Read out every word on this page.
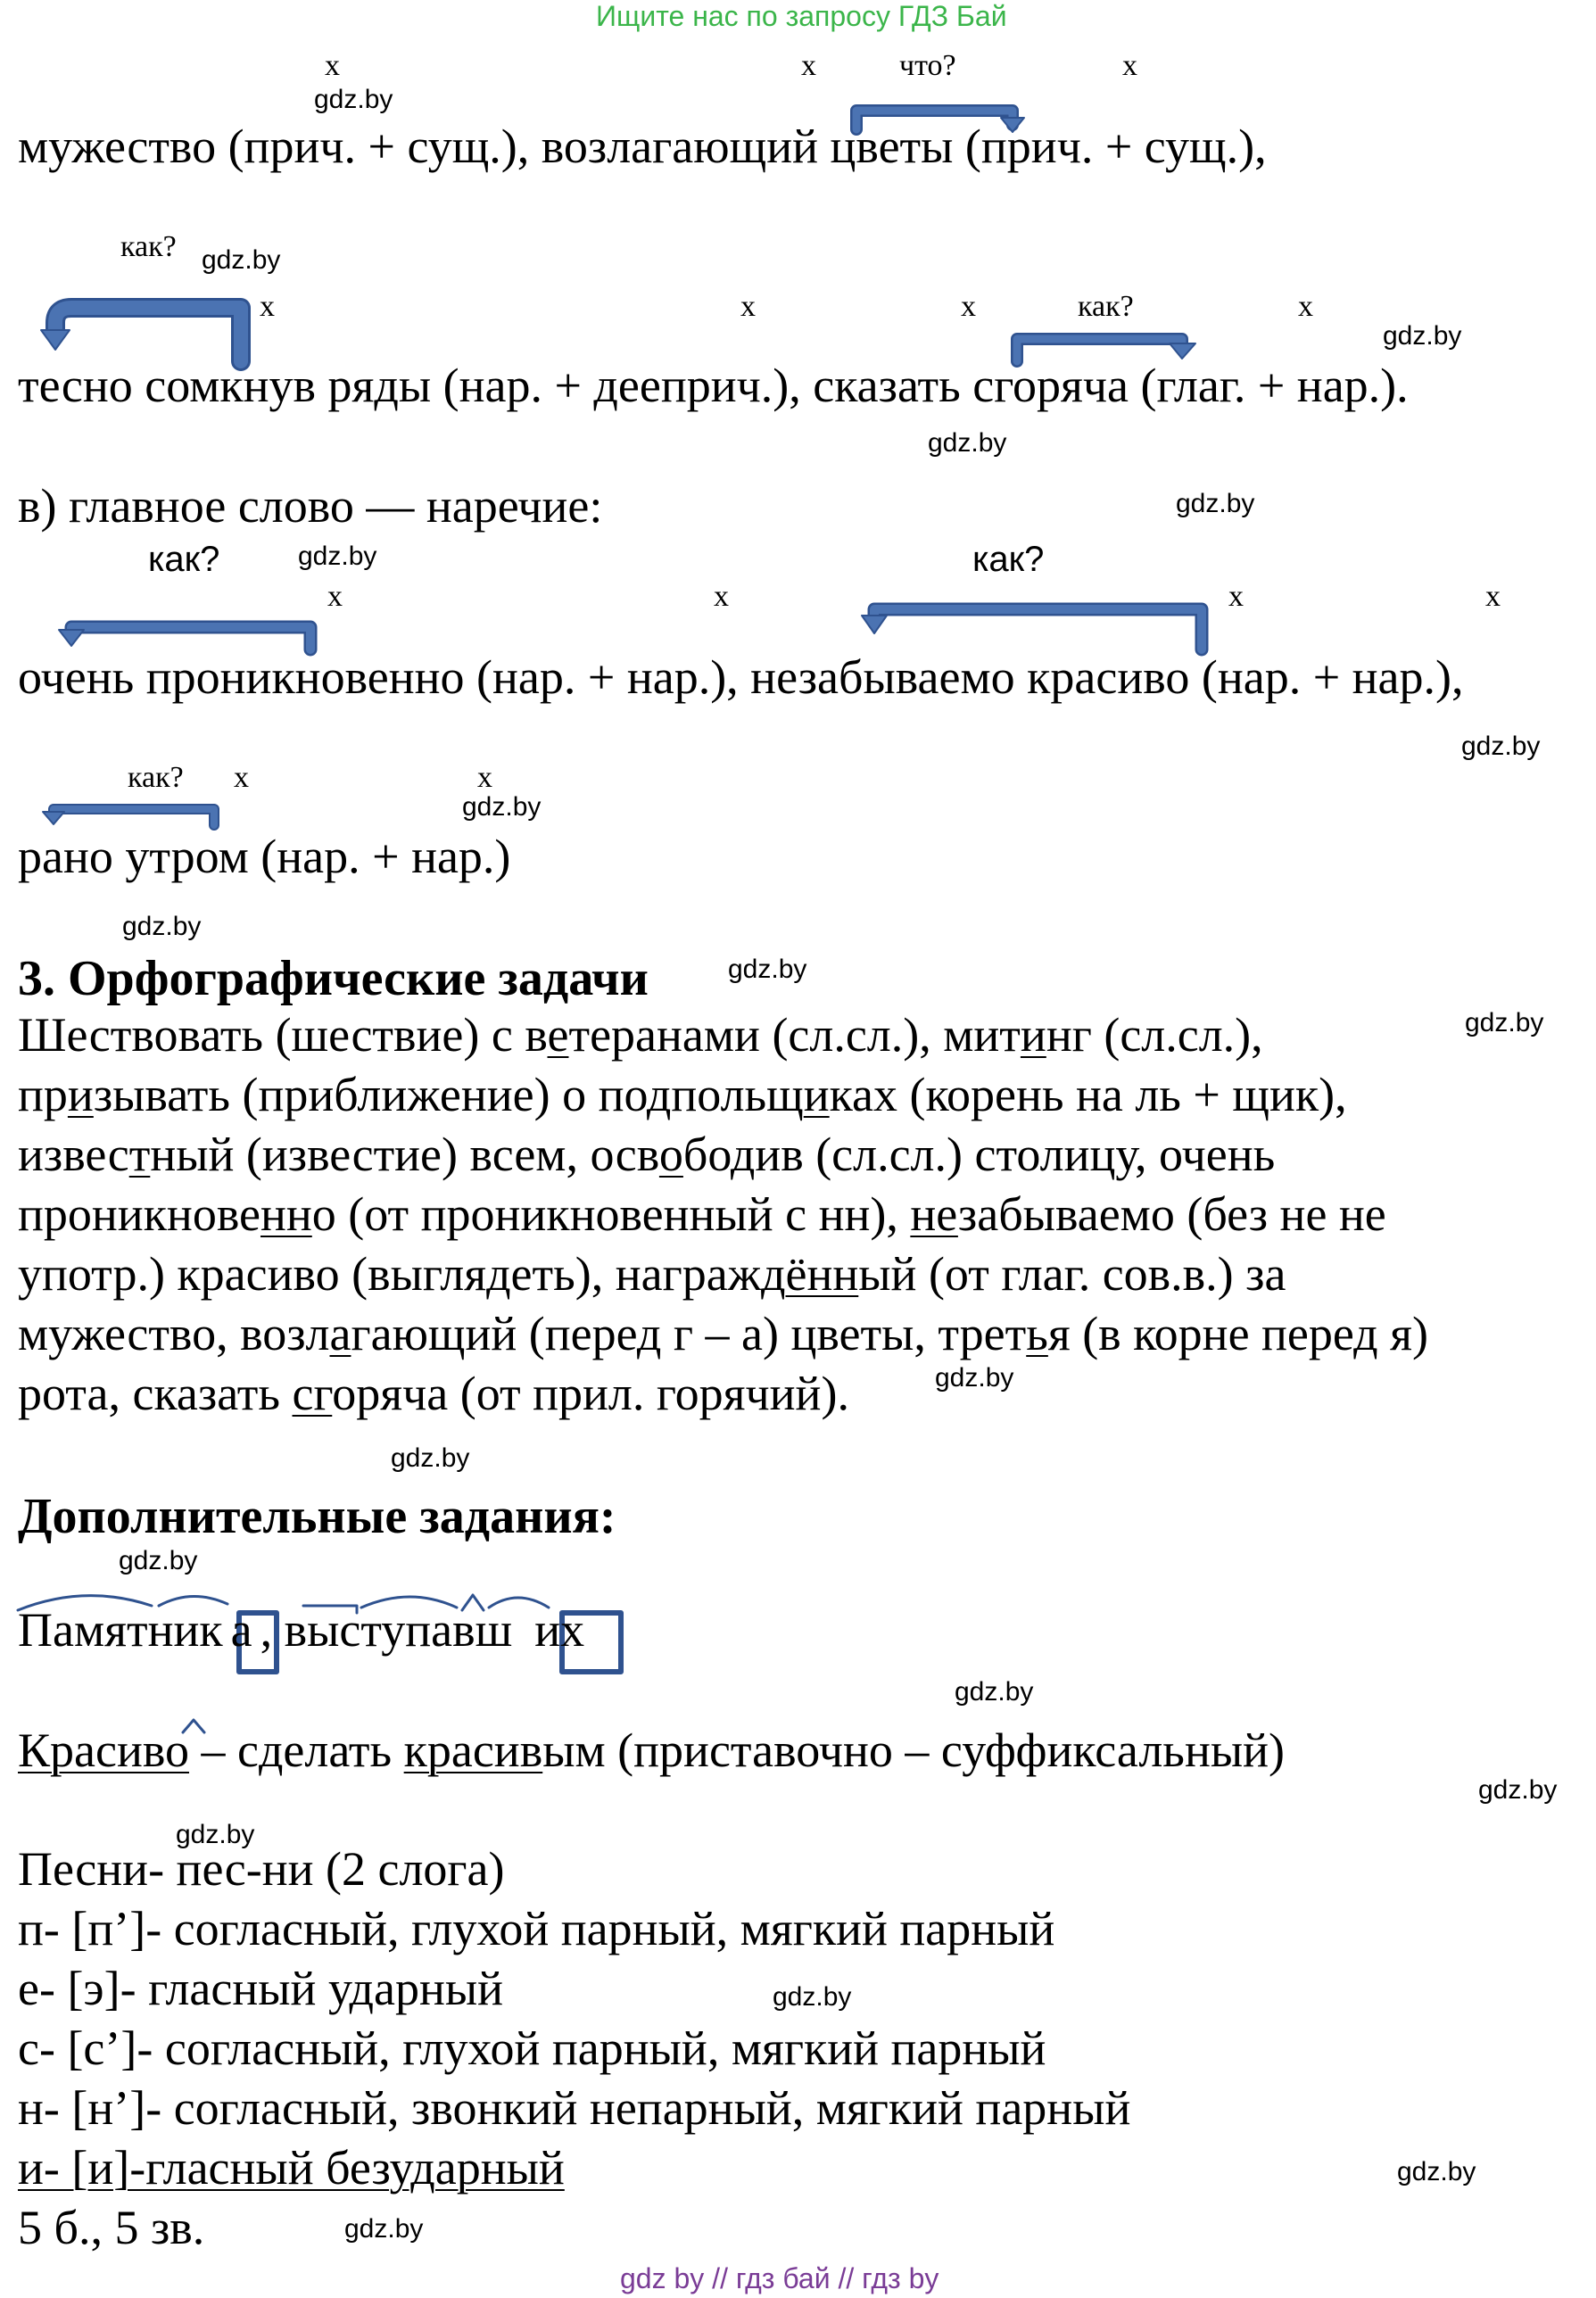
Ищите нас по запросу ГДЗ Бай
x	x	что?	x
gdz.by
мужество (прич. + сущ.), возлагающий цветы (прич. + сущ.),
как? gdz.by
x	x	x	как?	x
gdz.by
тесно сомкнув ряды (нар. + дееприч.), сказать сгоряча (глаг. + нар.).
gdz.by
в) главное слово — наречие:	gdz.by
как?	gdz.by	как?
x	x	x	x
очень проникновенно (нар. + нар.), незабываемо красиво (нар. + нар.),
gdz.by
как? x	x
gdz.by
рано утром (нар. + нар.)
gdz.by
3. Орфографические задачи	gdz.by
gdz.by
Шествовать (шествие) с ветеранами (сл.сл.), митинг (сл.сл.),
призывать (приближение) о подпольщиках (корень на ль + щик),
известный (известие) всем, освободив (сл.сл.) столицу, очень
проникновенно (от проникновенный с нн), незабываемо (без не не
употр.) красиво (выглядеть), награждённый (от глаг. сов.в.) за
мужество, возлагающий (перед г – а) цветы, третья (в корне перед я)
рота, сказать сгоряча (от прил. горячий).	gdz.by
gdz.by
Дополнительные задания:
gdz.by
Памятник а , выступавш их
gdz.by
Красиво – сделать красивым (приставочно – суффиксальный)
gdz.by
gdz.by
Песни- пес-ни (2 слога)
п- [п’]- согласный, глухой парный, мягкий парный
е- [э]- гласный ударный	gdz.by
с- [с’]- согласный, глухой парный, мягкий парный
н- [н’]- согласный, звонкий непарный, мягкий парный
и- [и]-гласный безударный	gdz.by
5 б., 5 зв.	gdz.by
gdz by // гдз бай // гдз by
